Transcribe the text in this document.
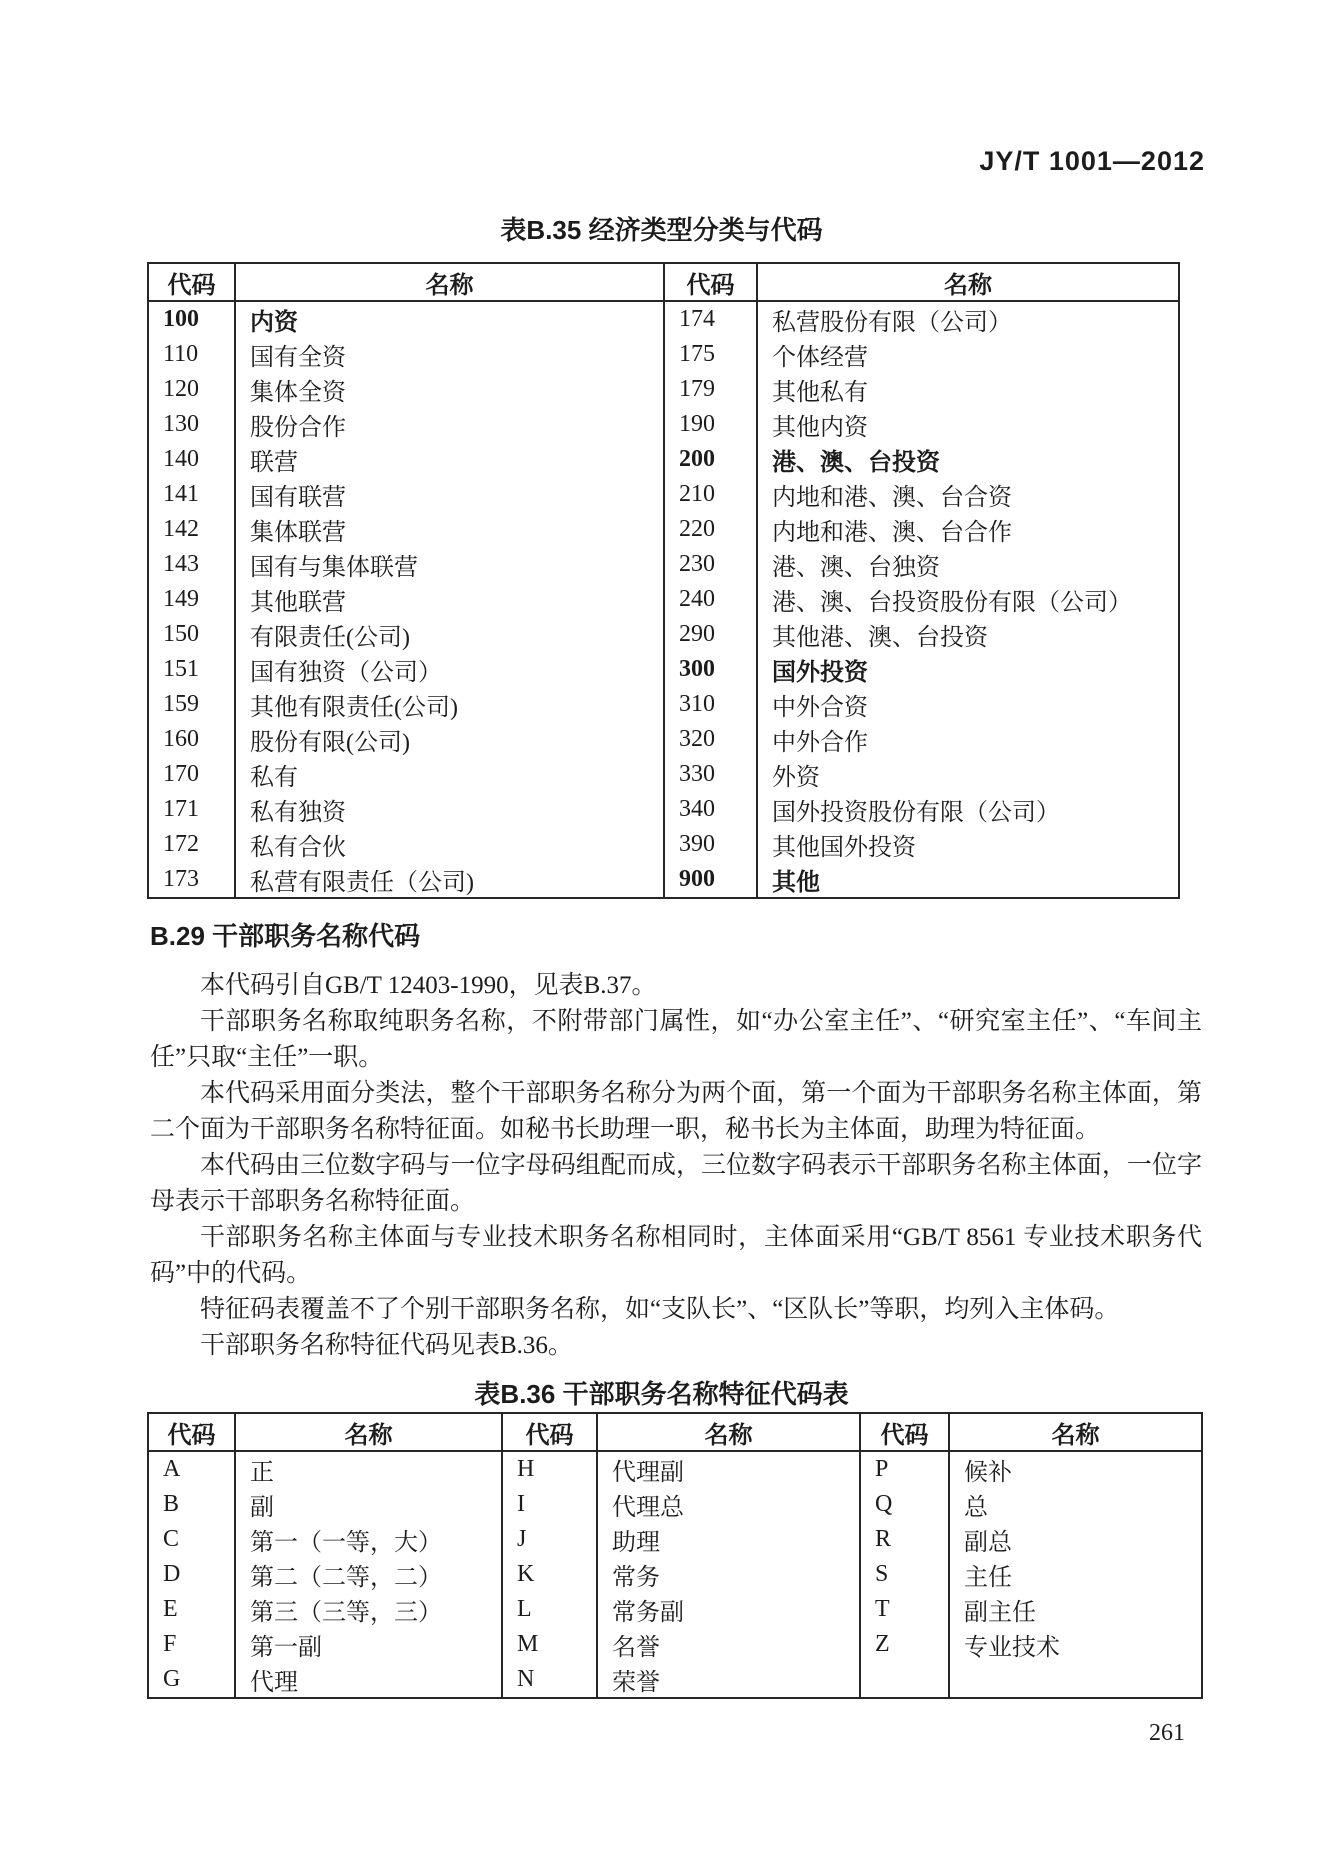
JY/T 1001—2012
表B.35 经济类型分类与代码
代码	名称	代码	名称
100	内资	174	私营股份有限（公司）
110	国有全资	175	个体经营
120	集体全资	179	其他私有
130	股份合作	190	其他内资
140	联营	200	港、澳、台投资
141	国有联营	210	内地和港、澳、台合资
142	集体联营	220	内地和港、澳、台合作
143	国有与集体联营	230	港、澳、台独资
149	其他联营	240	港、澳、台投资股份有限（公司）
150	有限责任(公司)	290	其他港、澳、台投资
151	国有独资（公司）	300	国外投资
159	其他有限责任(公司)	310	中外合资
160	股份有限(公司)	320	中外合作
170	私有	330	外资
171	私有独资	340	国外投资股份有限（公司）
172	私有合伙	390	其他国外投资
173	私营有限责任（公司)	900	其他
B.29 干部职务名称代码

本代码引自GB/T 12403-1990，见表B.37。

干部职务名称取纯职务名称，不附带部门属性，如“办公室主任”、“研究室主任”、“车间主任”只取“主任”一职。

本代码采用面分类法，整个干部职务名称分为两个面，第一个面为干部职务名称主体面，第二个面为干部职务名称特征面。如秘书长助理一职，秘书长为主体面，助理为特征面。

本代码由三位数字码与一位字母码组配而成，三位数字码表示干部职务名称主体面，一位字母表示干部职务名称特征面。

干部职务名称主体面与专业技术职务名称相同时，主体面采用“GB/T 8561 专业技术职务代码”中的代码。

特征码表覆盖不了个别干部职务名称，如“支队长”、“区队长”等职，均列入主体码。

干部职务名称特征代码见表B.36。

表B.36 干部职务名称特征代码表
代码	名称	代码	名称	代码	名称
A	正	H	代理副	P	候补
B	副	I	代理总	Q	总
C	第一（一等，大）	J	助理	R	副总
D	第二（二等，二）	K	常务	S	主任
E	第三（三等，三）	L	常务副	T	副主任
F	第一副	M	名誉	Z	专业技术
G	代理	N	荣誉		
261
